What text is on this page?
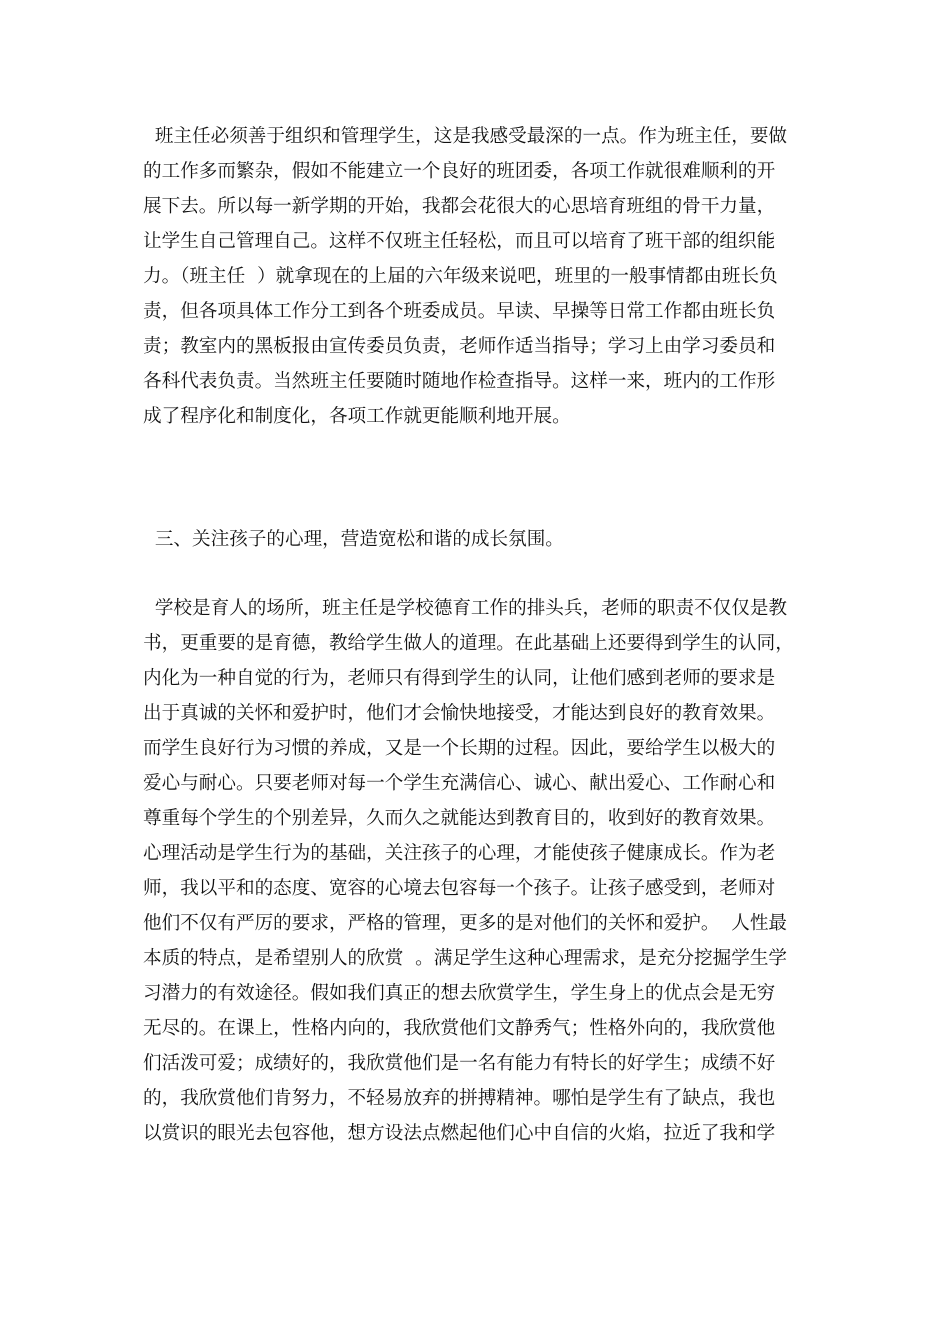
班主任必须善于组织和管理学生，这是我感受最深的一点。作为班主任，要做

的工作多而繁杂，假如不能建立一个良好的班团委，各项工作就很难顺利的开

展下去。所以每一新学期的开始，我都会花很大的心思培育班组的骨干力量，

让学生自己管理自己。这样不仅班主任轻松，而且可以培育了班干部的组织能

力。（班主任  ）就拿现在的上届的六年级来说吧，班里的一般事情都由班长负

责，但各项具体工作分工到各个班委成员。早读、早操等日常工作都由班长负

责；教室内的黑板报由宣传委员负责，老师作适当指导；学习上由学习委员和

各科代表负责。当然班主任要随时随地作检查指导。这样一来，班内的工作形

成了程序化和制度化，各项工作就更能顺利地开展。

三、关注孩子的心理，营造宽松和谐的成长氛围。

学校是育人的场所，班主任是学校德育工作的排头兵，老师的职责不仅仅是教

书，更重要的是育德，教给学生做人的道理。在此基础上还要得到学生的认同，

内化为一种自觉的行为，老师只有得到学生的认同，让他们感到老师的要求是

出于真诚的关怀和爱护时，他们才会愉快地接受，才能达到良好的教育效果。

而学生良好行为习惯的养成，又是一个长期的过程。因此，要给学生以极大的

爱心与耐心。只要老师对每一个学生充满信心、诚心、献出爱心、工作耐心和

尊重每个学生的个别差异，久而久之就能达到教育目的，收到好的教育效果。

心理活动是学生行为的基础，关注孩子的心理，才能使孩子健康成长。作为老

师，我以平和的态度、宽容的心境去包容每一个孩子。让孩子感受到，老师对

他们不仅有严厉的要求，严格的管理，更多的是对他们的关怀和爱护。  人性最

本质的特点，是希望别人的欣赏  。满足学生这种心理需求，是充分挖掘学生学

习潜力的有效途径。假如我们真正的想去欣赏学生，学生身上的优点会是无穷

无尽的。在课上，性格内向的，我欣赏他们文静秀气；性格外向的，我欣赏他

们活泼可爱；成绩好的，我欣赏他们是一名有能力有特长的好学生；成绩不好

的，我欣赏他们肯努力，不轻易放弃的拼搏精神。哪怕是学生有了缺点，我也

以赏识的眼光去包容他，想方设法点燃起他们心中自信的火焰，拉近了我和学
